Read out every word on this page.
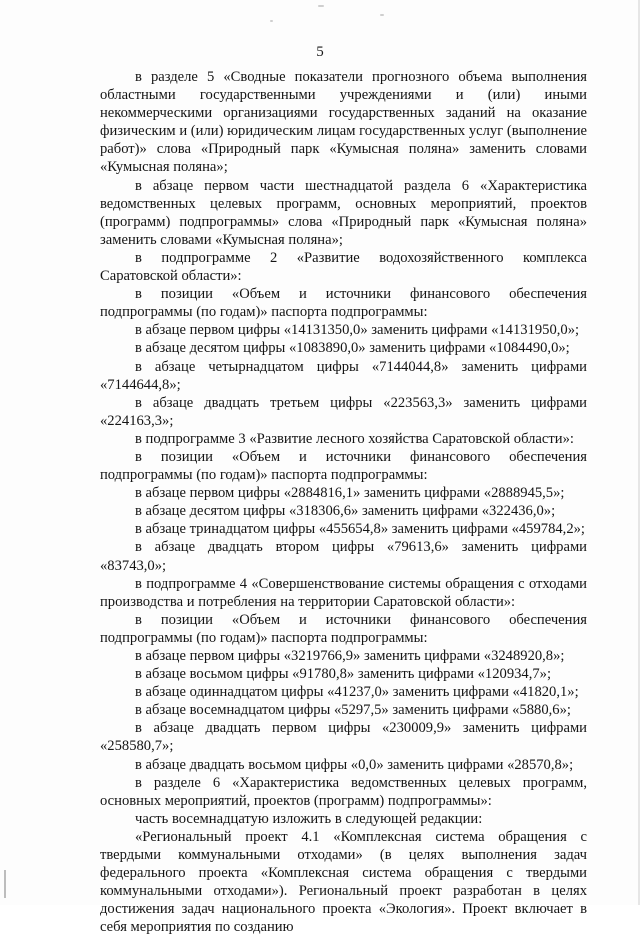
5

в разделе 5 «Сводные показатели прогнозного объема выполнения областными государственными учреждениями и (или) иными некоммерческими организациями государственных заданий на оказание физическим и (или) юридическим лицам государственных услуг (выполнение работ)» слова «Природный парк «Кумысная поляна» заменить словами «Кумысная поляна»;

в абзаце первом части шестнадцатой раздела 6 «Характеристика ведомственных целевых программ, основных мероприятий, проектов (программ) подпрограммы» слова «Природный парк «Кумысная поляна» заменить словами «Кумысная поляна»;

в подпрограмме 2 «Развитие водохозяйственного комплекса Саратовской области»:

в позиции «Объем и источники финансового обеспечения подпрограммы (по годам)» паспорта подпрограммы:

в абзаце первом цифры «14131350,0» заменить цифрами «14131950,0»;

в абзаце десятом цифры «1083890,0» заменить цифрами «1084490,0»;

в абзаце четырнадцатом цифры «7144044,8» заменить цифрами «7144644,8»;

в абзаце двадцать третьем цифры «223563,3» заменить цифрами «224163,3»;

в подпрограмме 3 «Развитие лесного хозяйства Саратовской области»:

в позиции «Объем и источники финансового обеспечения подпрограммы (по годам)» паспорта подпрограммы:

в абзаце первом цифры «2884816,1» заменить цифрами «2888945,5»;

в абзаце десятом цифры «318306,6» заменить цифрами «322436,0»;

в абзаце тринадцатом цифры «455654,8» заменить цифрами «459784,2»;

в абзаце двадцать втором цифры «79613,6» заменить цифрами «83743,0»;

в подпрограмме 4 «Совершенствование системы обращения с отходами производства и потребления на территории Саратовской области»:

в позиции «Объем и источники финансового обеспечения подпрограммы (по годам)» паспорта подпрограммы:

в абзаце первом цифры «3219766,9» заменить цифрами «3248920,8»;

в абзаце восьмом цифры «91780,8» заменить цифрами «120934,7»;

в абзаце одиннадцатом цифры «41237,0» заменить цифрами «41820,1»;

в абзаце восемнадцатом цифры «5297,5» заменить цифрами «5880,6»;

в абзаце двадцать первом цифры «230009,9» заменить цифрами «258580,7»;

в абзаце двадцать восьмом цифры «0,0» заменить цифрами «28570,8»;

в разделе 6 «Характеристика ведомственных целевых программ, основных мероприятий, проектов (программ) подпрограммы»:

часть восемнадцатую изложить в следующей редакции:

«Региональный проект 4.1 «Комплексная система обращения с твердыми коммунальными отходами» (в целях выполнения задач федерального проекта «Комплексная система обращения с твердыми коммунальными отходами»). Региональный проект разработан в целях достижения задач национального проекта «Экология». Проект включает в себя мероприятия по созданию
